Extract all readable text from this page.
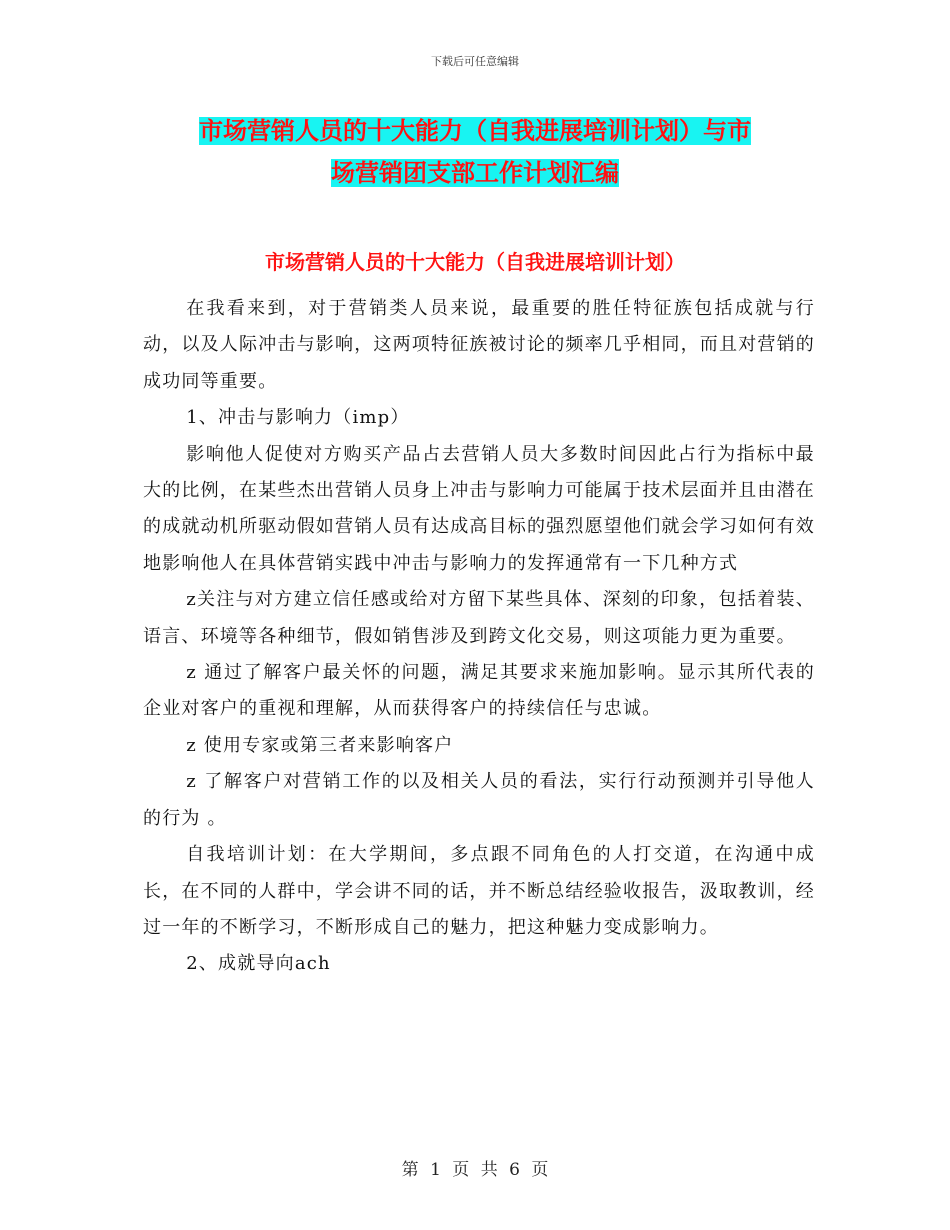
下载后可任意编辑
市场营销人员的十大能力（自我进展培训计划）与市
场营销团支部工作计划汇编
市场营销人员的十大能力（自我进展培训计划）

在我看来到，对于营销类人员来说，最重要的胜任特征族包括成就与行动，以及人际冲击与影响，这两项特征族被讨论的频率几乎相同，而且对营销的成功同等重要。

1、冲击与影响力（imp）

影响他人促使对方购买产品占去营销人员大多数时间因此占行为指标中最大的比例，在某些杰出营销人员身上冲击与影响力可能属于技术层面并且由潜在的成就动机所驱动假如营销人员有达成高目标的强烈愿望他们就会学习如何有效地影响他人在具体营销实践中冲击与影响力的发挥通常有一下几种方式

z关注与对方建立信任感或给对方留下某些具体、深刻的印象，包括着装、语言、环境等各种细节，假如销售涉及到跨文化交易，则这项能力更为重要。

z 通过了解客户最关怀的问题，满足其要求来施加影响。显示其所代表的企业对客户的重视和理解，从而获得客户的持续信任与忠诚。

z 使用专家或第三者来影响客户

z 了解客户对营销工作的以及相关人员的看法，实行行动预测并引导他人的行为 。

自我培训计划：在大学期间，多点跟不同角色的人打交道，在沟通中成长，在不同的人群中，学会讲不同的话，并不断总结经验收报告，汲取教训，经过一年的不断学习，不断形成自己的魅力，把这种魅力变成影响力。

2、成就导向ach

第 1 页 共 6 页
